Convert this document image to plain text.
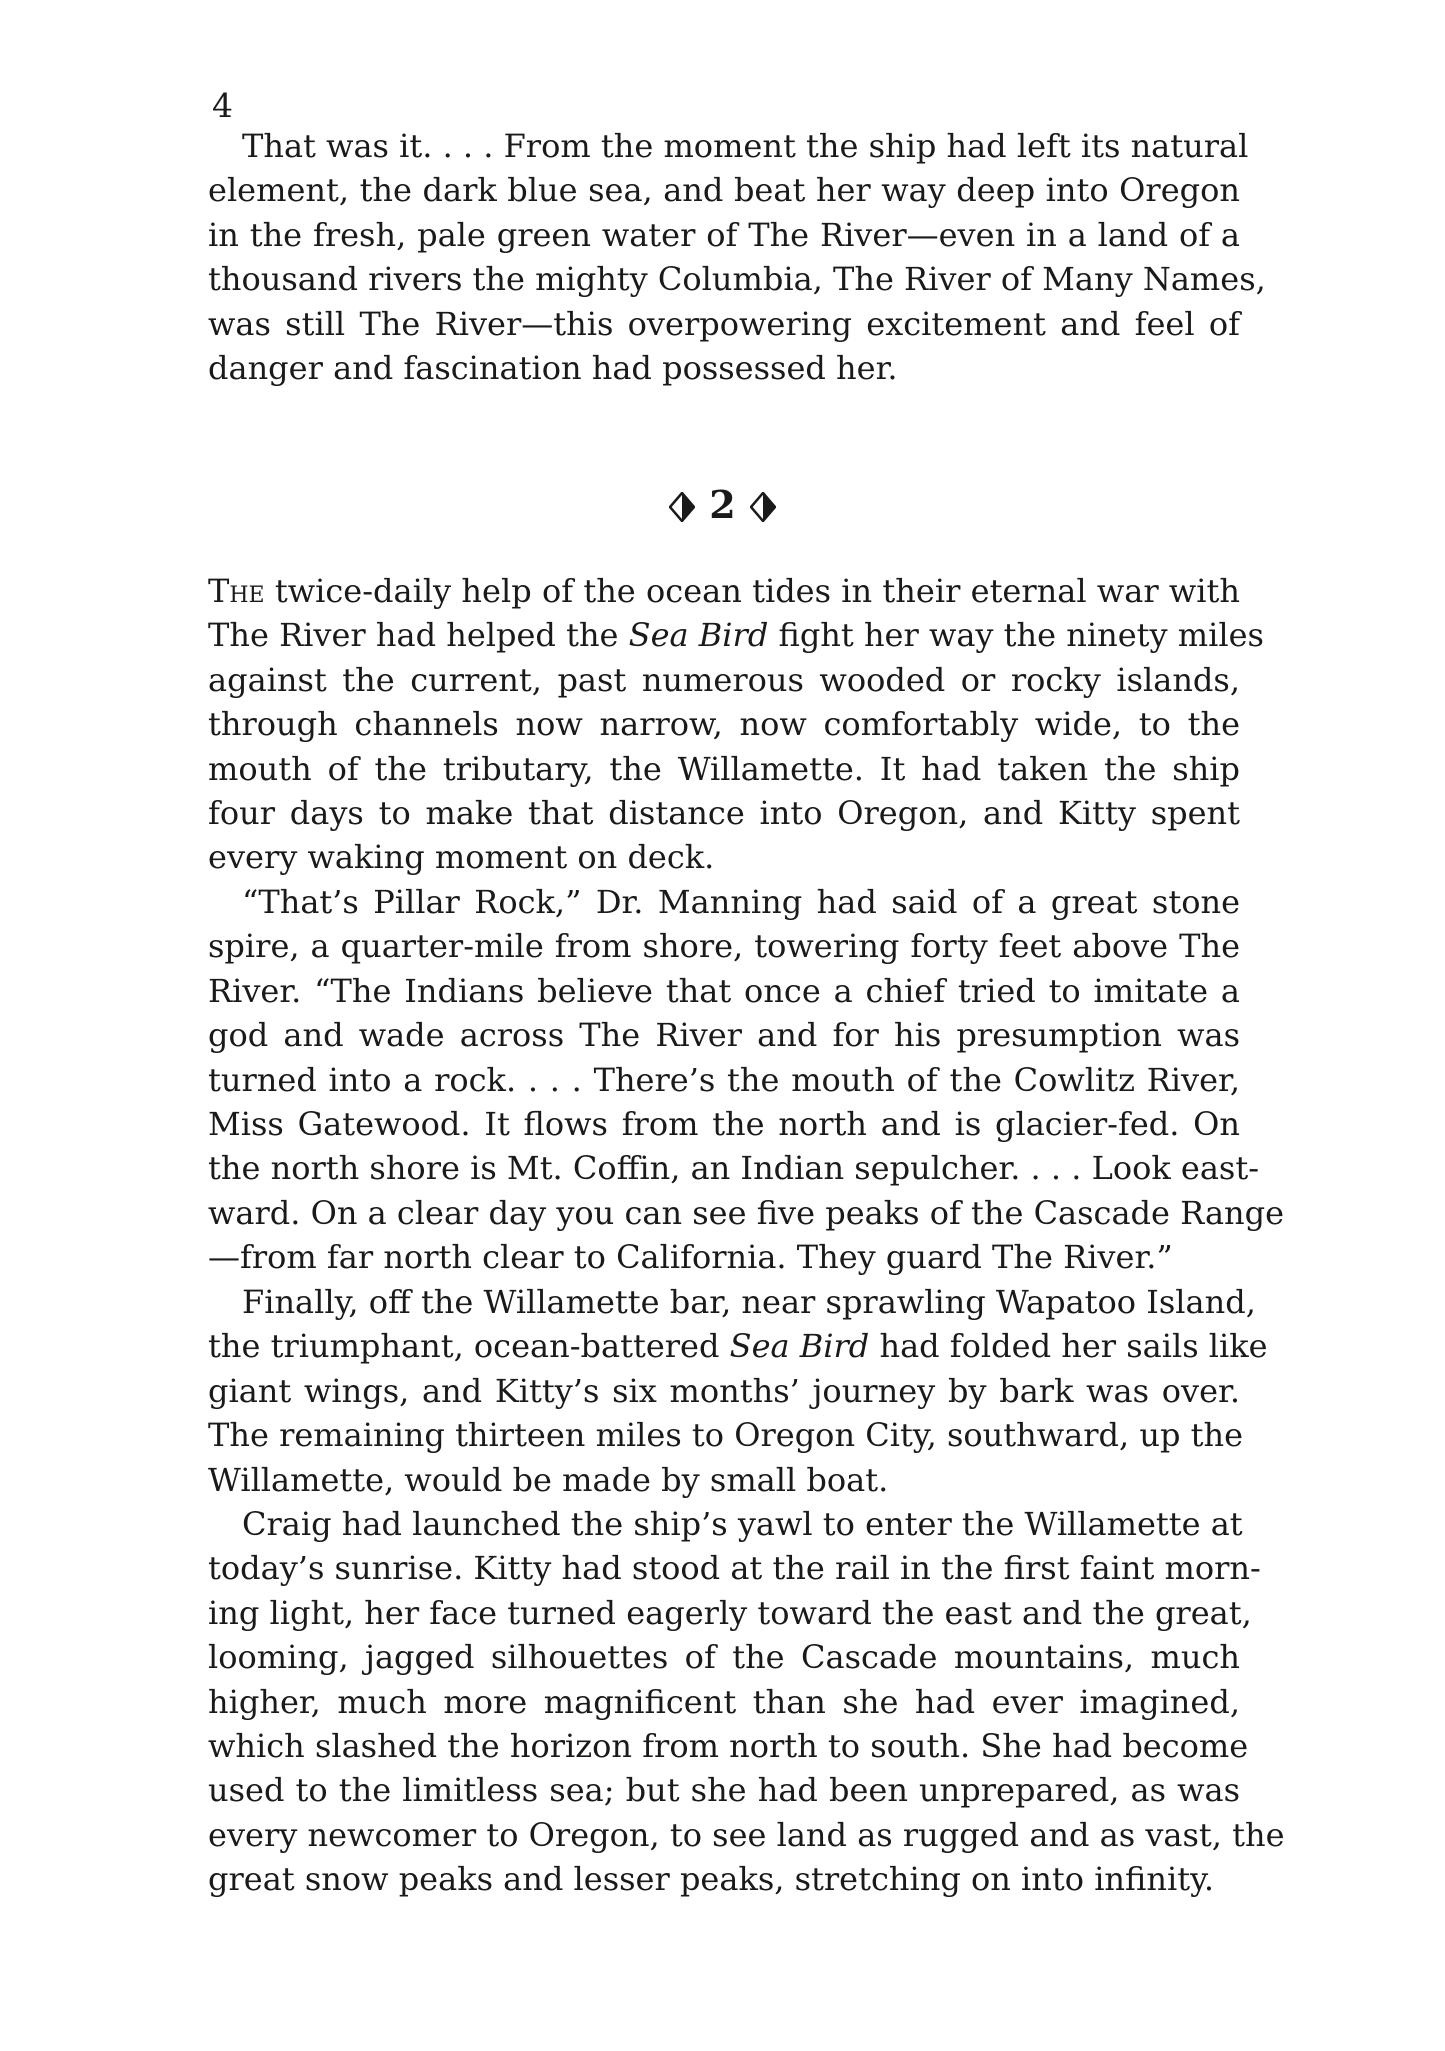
4
That was it. . . . From the moment the ship had left its natural
element, the dark blue sea, and beat her way deep into Oregon
in the fresh, pale green water of The River—even in a land of a
thousand rivers the mighty Columbia, The River of Many Names,
was still The River—this overpowering excitement and feel of
danger and fascination had possessed her.
2
The twice-daily help of the ocean tides in their eternal war with
The River had helped the Sea Bird fight her way the ninety miles
against the current, past numerous wooded or rocky islands,
through channels now narrow, now comfortably wide, to the
mouth of the tributary, the Willamette. It had taken the ship
four days to make that distance into Oregon, and Kitty spent
every waking moment on deck.
“That’s Pillar Rock,” Dr. Manning had said of a great stone
spire, a quarter-mile from shore, towering forty feet above The
River. “The Indians believe that once a chief tried to imitate a
god and wade across The River and for his presumption was
turned into a rock. . . . There’s the mouth of the Cowlitz River,
Miss Gatewood. It flows from the north and is glacier-fed. On
the north shore is Mt. Coffin, an Indian sepulcher. . . . Look east-
ward. On a clear day you can see five peaks of the Cascade Range
—from far north clear to California. They guard The River.”
Finally, off the Willamette bar, near sprawling Wapatoo Island,
the triumphant, ocean-battered Sea Bird had folded her sails like
giant wings, and Kitty’s six months’ journey by bark was over.
The remaining thirteen miles to Oregon City, southward, up the
Willamette, would be made by small boat.
Craig had launched the ship’s yawl to enter the Willamette at
today’s sunrise. Kitty had stood at the rail in the first faint morn-
ing light, her face turned eagerly toward the east and the great,
looming, jagged silhouettes of the Cascade mountains, much
higher, much more magnificent than she had ever imagined,
which slashed the horizon from north to south. She had become
used to the limitless sea; but she had been unprepared, as was
every newcomer to Oregon, to see land as rugged and as vast, the
great snow peaks and lesser peaks, stretching on into infinity.
